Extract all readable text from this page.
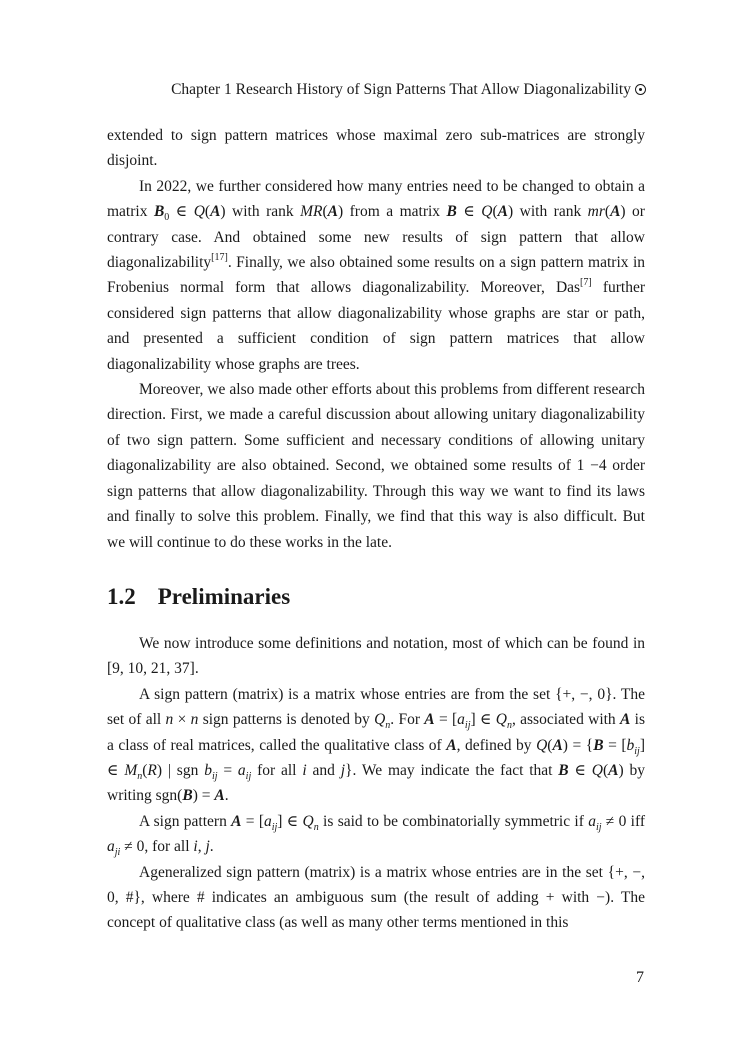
Chapter 1 Research History of Sign Patterns That Allow Diagonalizability

extended to sign pattern matrices whose maximal zero sub-matrices are strongly disjoint.

In 2022, we further considered how many entries need to be changed to obtain a matrix $B_0$ ∈ Q(A) with rank MR(A) from a matrix B ∈ Q(A) with rank mr(A) or contrary case. And obtained some new results of sign pattern that allow diagonalizability[17]. Finally, we also obtained some results on a sign pattern matrix in Frobenius normal form that allows diagonalizability. Moreover, Das[7] further considered sign patterns that allow diagonalizability whose graphs are star or path, and presented a sufficient condition of sign pattern matrices that allow diagonalizability whose graphs are trees.

Moreover, we also made other efforts about this problems from different research direction. First, we made a careful discussion about allowing unitary diagonalizability of two sign pattern. Some sufficient and necessary conditions of allowing unitary diagonalizability are also obtained. Second, we obtained some results of 1 −4 order sign patterns that allow diagonalizability. Through this way we want to find its laws and finally to solve this problem. Finally, we find that this way is also difficult. But we will continue to do these works in the late.

1.2 Preliminaries

We now introduce some definitions and notation, most of which can be found in [9, 10, 21, 37].

A sign pattern (matrix) is a matrix whose entries are from the set {+, −, 0}. The set of all n × n sign patterns is denoted by $Q_n$. For $A = [a_{ij}]$ ∈ $Q_n$, associated with A is a class of real matrices, called the qualitative class of A, defined by $Q(A) = \{B = [b_{ij}]$ ∈ $M_n(R)$ | sgn $b_{ij} = a_{ij}$ for all i and j}. We may indicate the fact that B ∈ Q(A) by writing sgn(B) = A.

A sign pattern $A = [a_{ij}]$ ∈ $Q_n$ is said to be combinatorially symmetric if $a_{ij} \ne 0$ iff $a_{ji} \ne 0$, for all i, j.

Ageneralized sign pattern (matrix) is a matrix whose entries are in the set {+, −, 0, #}, where # indicates an ambiguous sum (the result of adding + with −). The concept of qualitative class (as well as many other terms mentioned in this

7
